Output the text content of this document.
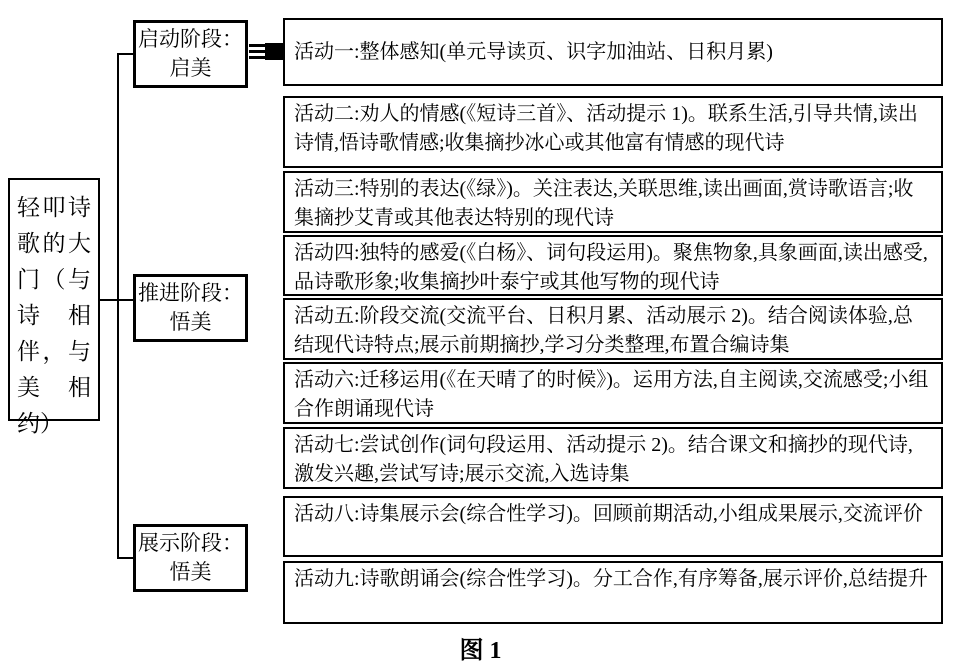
轻叩诗歌的大门（与诗相伴，与美相约）
启动阶段：
启美
推进阶段：
悟美
展示阶段：
悟美
活动一:整体感知(单元导读页、识字加油站、日积月累)
活动二:劝人的情感(《短诗三首》、活动提示 1)。联系生活,引导共情,读出诗情,悟诗歌情感;收集摘抄冰心或其他富有情感的现代诗
活动三:特别的表达(《绿》)。关注表达,关联思维,读出画面,赏诗歌语言;收集摘抄艾青或其他表达特别的现代诗
活动四:独特的感爱(《白杨》、词句段运用)。聚焦物象,具象画面,读出感受,品诗歌形象;收集摘抄叶泰宁或其他写物的现代诗
活动五:阶段交流(交流平台、日积月累、活动展示 2)。结合阅读体验,总结现代诗特点;展示前期摘抄,学习分类整理,布置合编诗集
活动六:迁移运用(《在天晴了的时候》)。运用方法,自主阅读,交流感受;小组合作朗诵现代诗
活动七:尝试创作(词句段运用、活动提示 2)。结合课文和摘抄的现代诗,激发兴趣,尝试写诗;展示交流,入选诗集
活动八:诗集展示会(综合性学习)。回顾前期活动,小组成果展示,交流评价
活动九:诗歌朗诵会(综合性学习)。分工合作,有序筹备,展示评价,总结提升
图 1
